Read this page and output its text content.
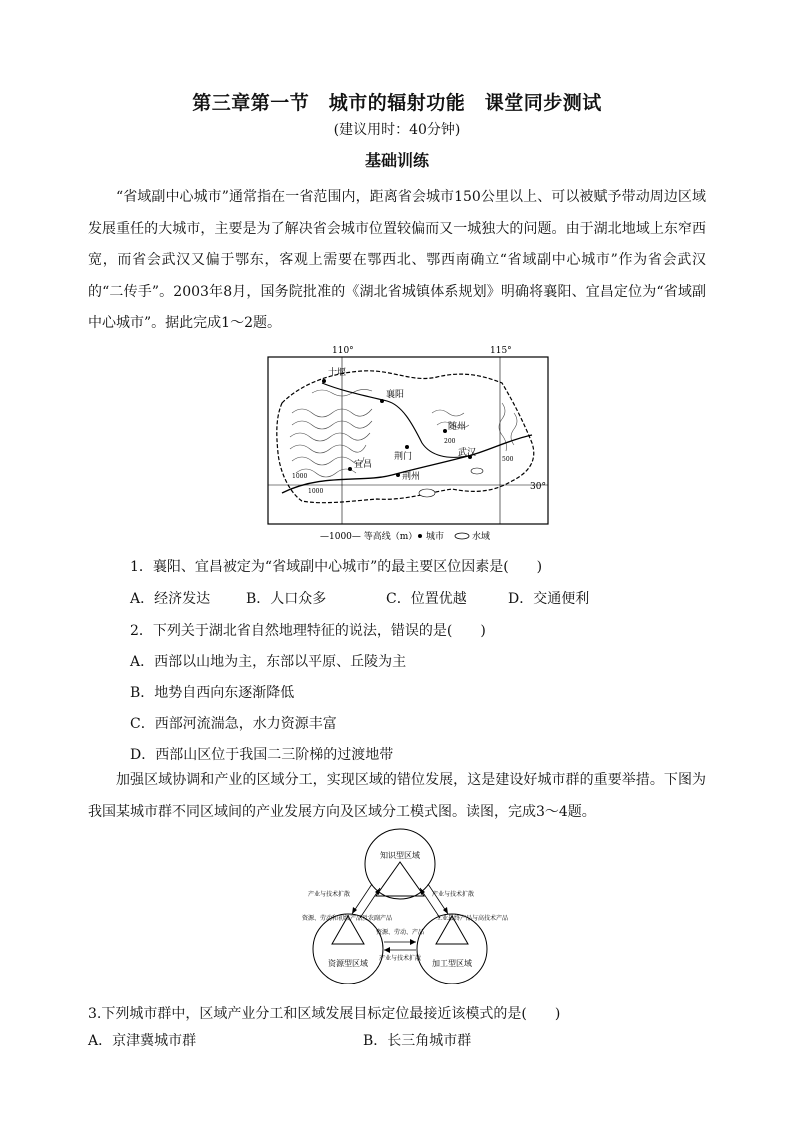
第三章第一节　城市的辐射功能　课堂同步测试
(建议用时：40分钟)
基础训练
“省域副中心城市”通常指在一省范围内，距离省会城市150公里以上、可以被赋予带动周边区域发展重任的大城市，主要是为了解决省会城市位置较偏而又一城独大的问题。由于湖北地域上东窄西宽，而省会武汉又偏于鄂东，客观上需要在鄂西北、鄂西南确立“省域副中心城市”作为省会武汉的“二传手”。2003年8月，国务院批准的《湖北省城镇体系规划》明确将襄阳、宜昌定位为“省域副中心城市”。据此完成1～2题。
110°	115°
十堰
襄阳
随州
荆门
宜昌
荆州
武汉
1000
200
500
1000	30°
—1000— 等高线（m） 城市	水域
1．襄阳、宜昌被定为“省域副中心城市”的最主要区位因素是(　　)
A．经济发达	B．人口众多	C．位置优越	D．交通便利
2．下列关于湖北省自然地理特征的说法，错误的是(　　)
A．西部以山地为主，东部以平原、丘陵为主
B．地势自西向东逐渐降低
C．西部河流湍急，水力资源丰富
D．西部山区位于我国二三阶梯的过渡地带
加强区域协调和产业的区域分工，实现区域的错位发展，这是建设好城市群的重要举措。下图为我国某城市群不同区域间的产业发展方向及区域分工模式图。读图，完成3～4题。
知识型区域
资源型区域	加工型区域
产业与技术扩散	产业与技术扩散
资源、劳动和初级产品及农副产品	工业最终产品与高技术产品
资源、劳动、产品
产业与技术扩散
3.下列城市群中，区域产业分工和区域发展目标定位最接近该模式的是(　　)
A．京津冀城市群	B．长三角城市群
